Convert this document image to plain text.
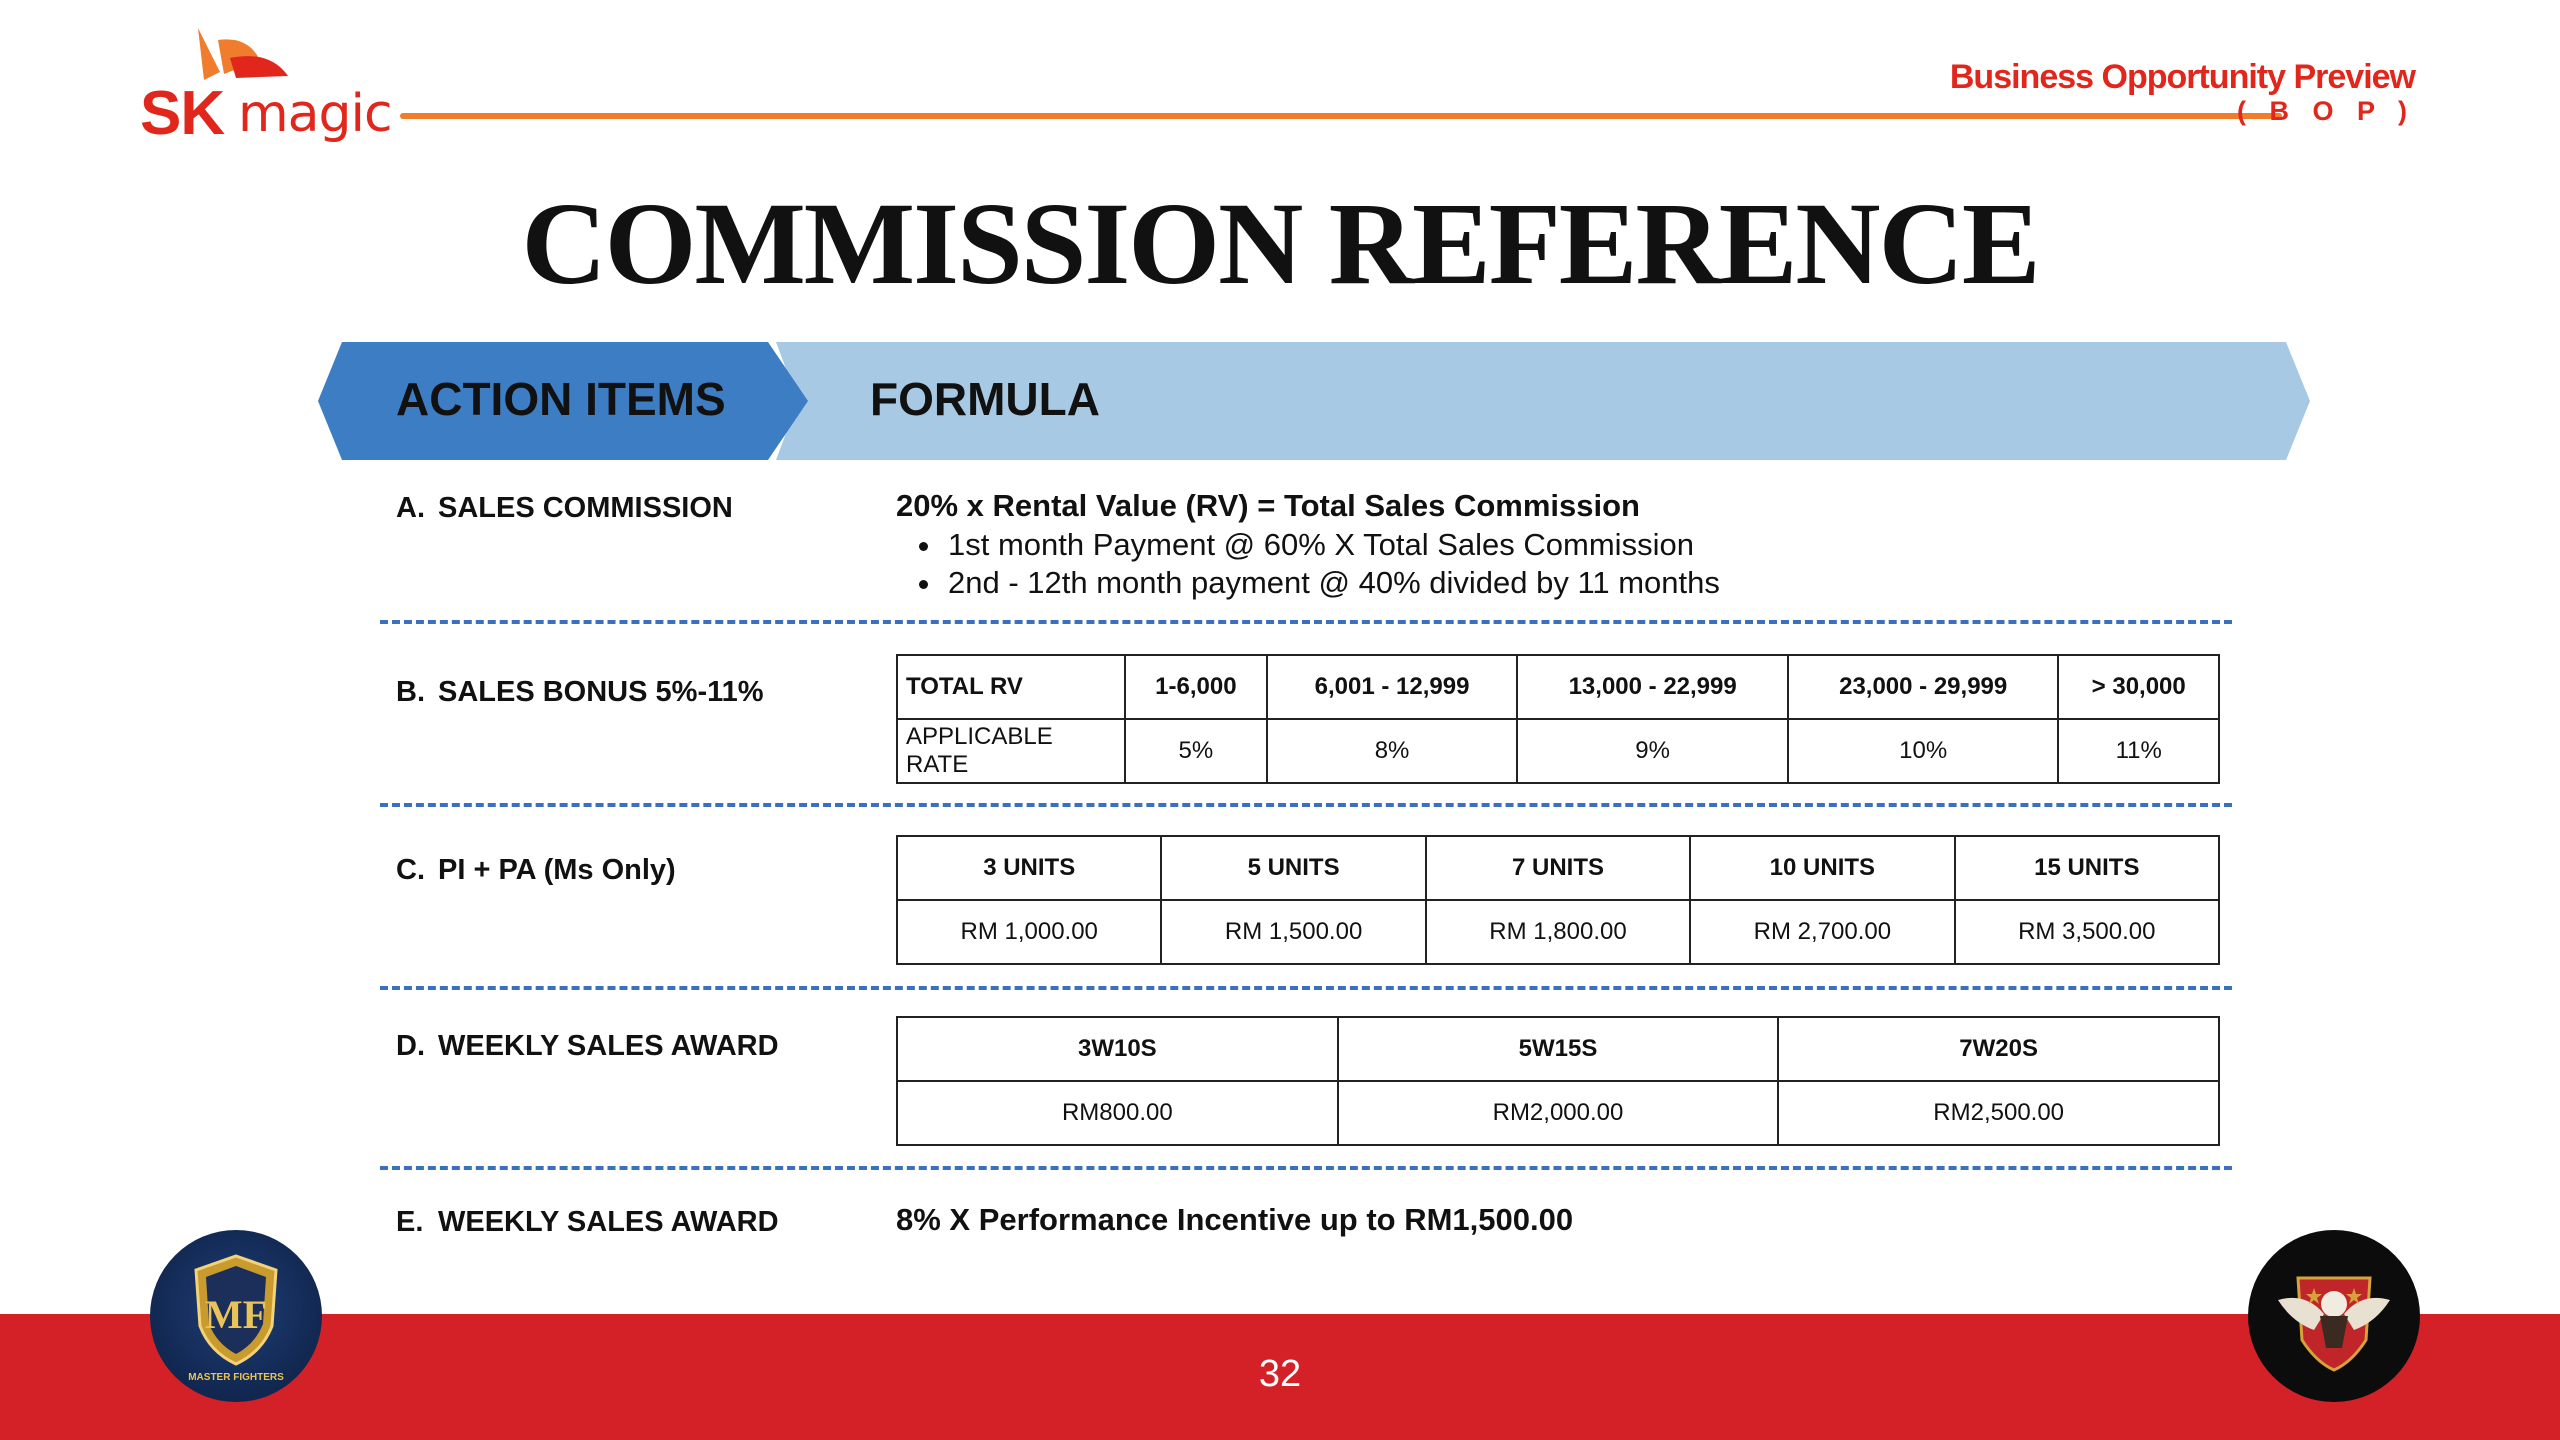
SK magic
Business Opportunity Preview
( B O P )
COMMISSION REFERENCE
ACTION ITEMS	FORMULA
A. SALES COMMISSION	20% x Rental Value (RV) = Total Sales Commission
• 1st month Payment @ 60% X Total Sales Commission
• 2nd - 12th month payment @ 40% divided by 11 months
B. SALES BONUS 5%-11%	TOTAL RV	1-6,000	6,001 - 12,999	13,000 - 22,999	23,000 - 29,999	> 30,000
APPLICABLE RATE	5%	8%	9%	10%	11%
C. PI + PA (Ms Only)	3 UNITS	5 UNITS	7 UNITS	10 UNITS	15 UNITS
RM 1,000.00	RM 1,500.00	RM 1,800.00	RM 2,700.00	RM 3,500.00
D. WEEKLY SALES AWARD	3W10S	5W15S	7W20S
RM800.00	RM2,000.00	RM2,500.00
E. WEEKLY SALES AWARD	8% X Performance Incentive up to RM1,500.00
32
MF
MASTER FIGHTERS
